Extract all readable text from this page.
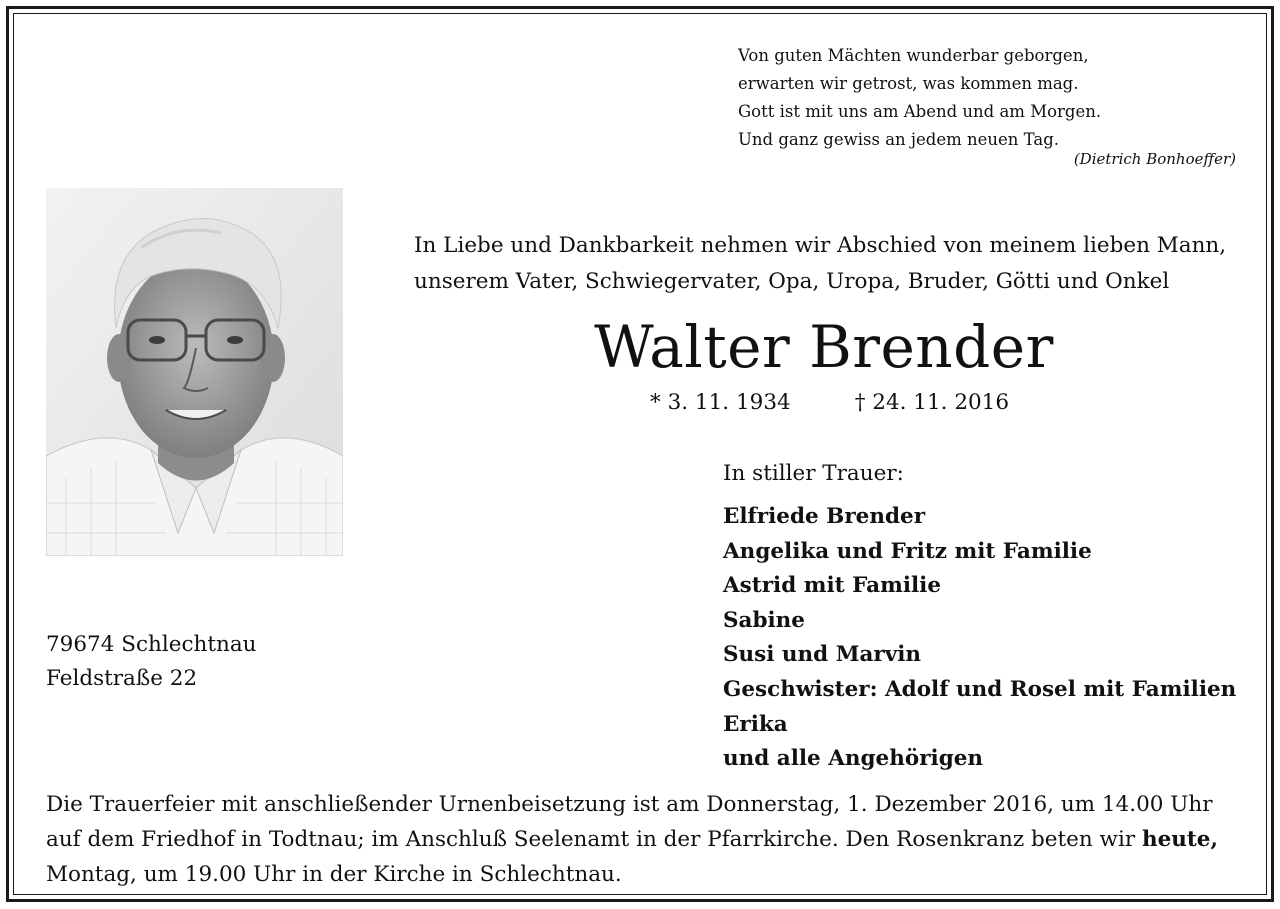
Von guten Mächten wunderbar geborgen,
erwarten wir getrost, was kommen mag.
Gott ist mit uns am Abend und am Morgen.
Und ganz gewiss an jedem neuen Tag.
(Dietrich Bonhoeffer)
In Liebe und Dankbarkeit nehmen wir Abschied von meinem lieben Mann,
unserem Vater, Schwiegervater, Opa, Uropa, Bruder, Götti und Onkel
Walter Brender
* 3. 11. 1934	† 24. 11. 2016
In stiller Trauer:
Elfriede Brender
Angelika und Fritz mit Familie
Astrid mit Familie
Sabine
Susi und Marvin
Geschwister: Adolf und Rosel mit Familien
Erika
und alle Angehörigen
79674 Schlechtnau
Feldstraße 22
Die Trauerfeier mit anschließender Urnenbeisetzung ist am Donnerstag, 1. Dezember 2016, um 14.00 Uhr
auf dem Friedhof in Todtnau; im Anschluß Seelenamt in der Pfarrkirche. Den Rosenkranz beten wir heute,
Montag, um 19.00 Uhr in der Kirche in Schlechtnau.
